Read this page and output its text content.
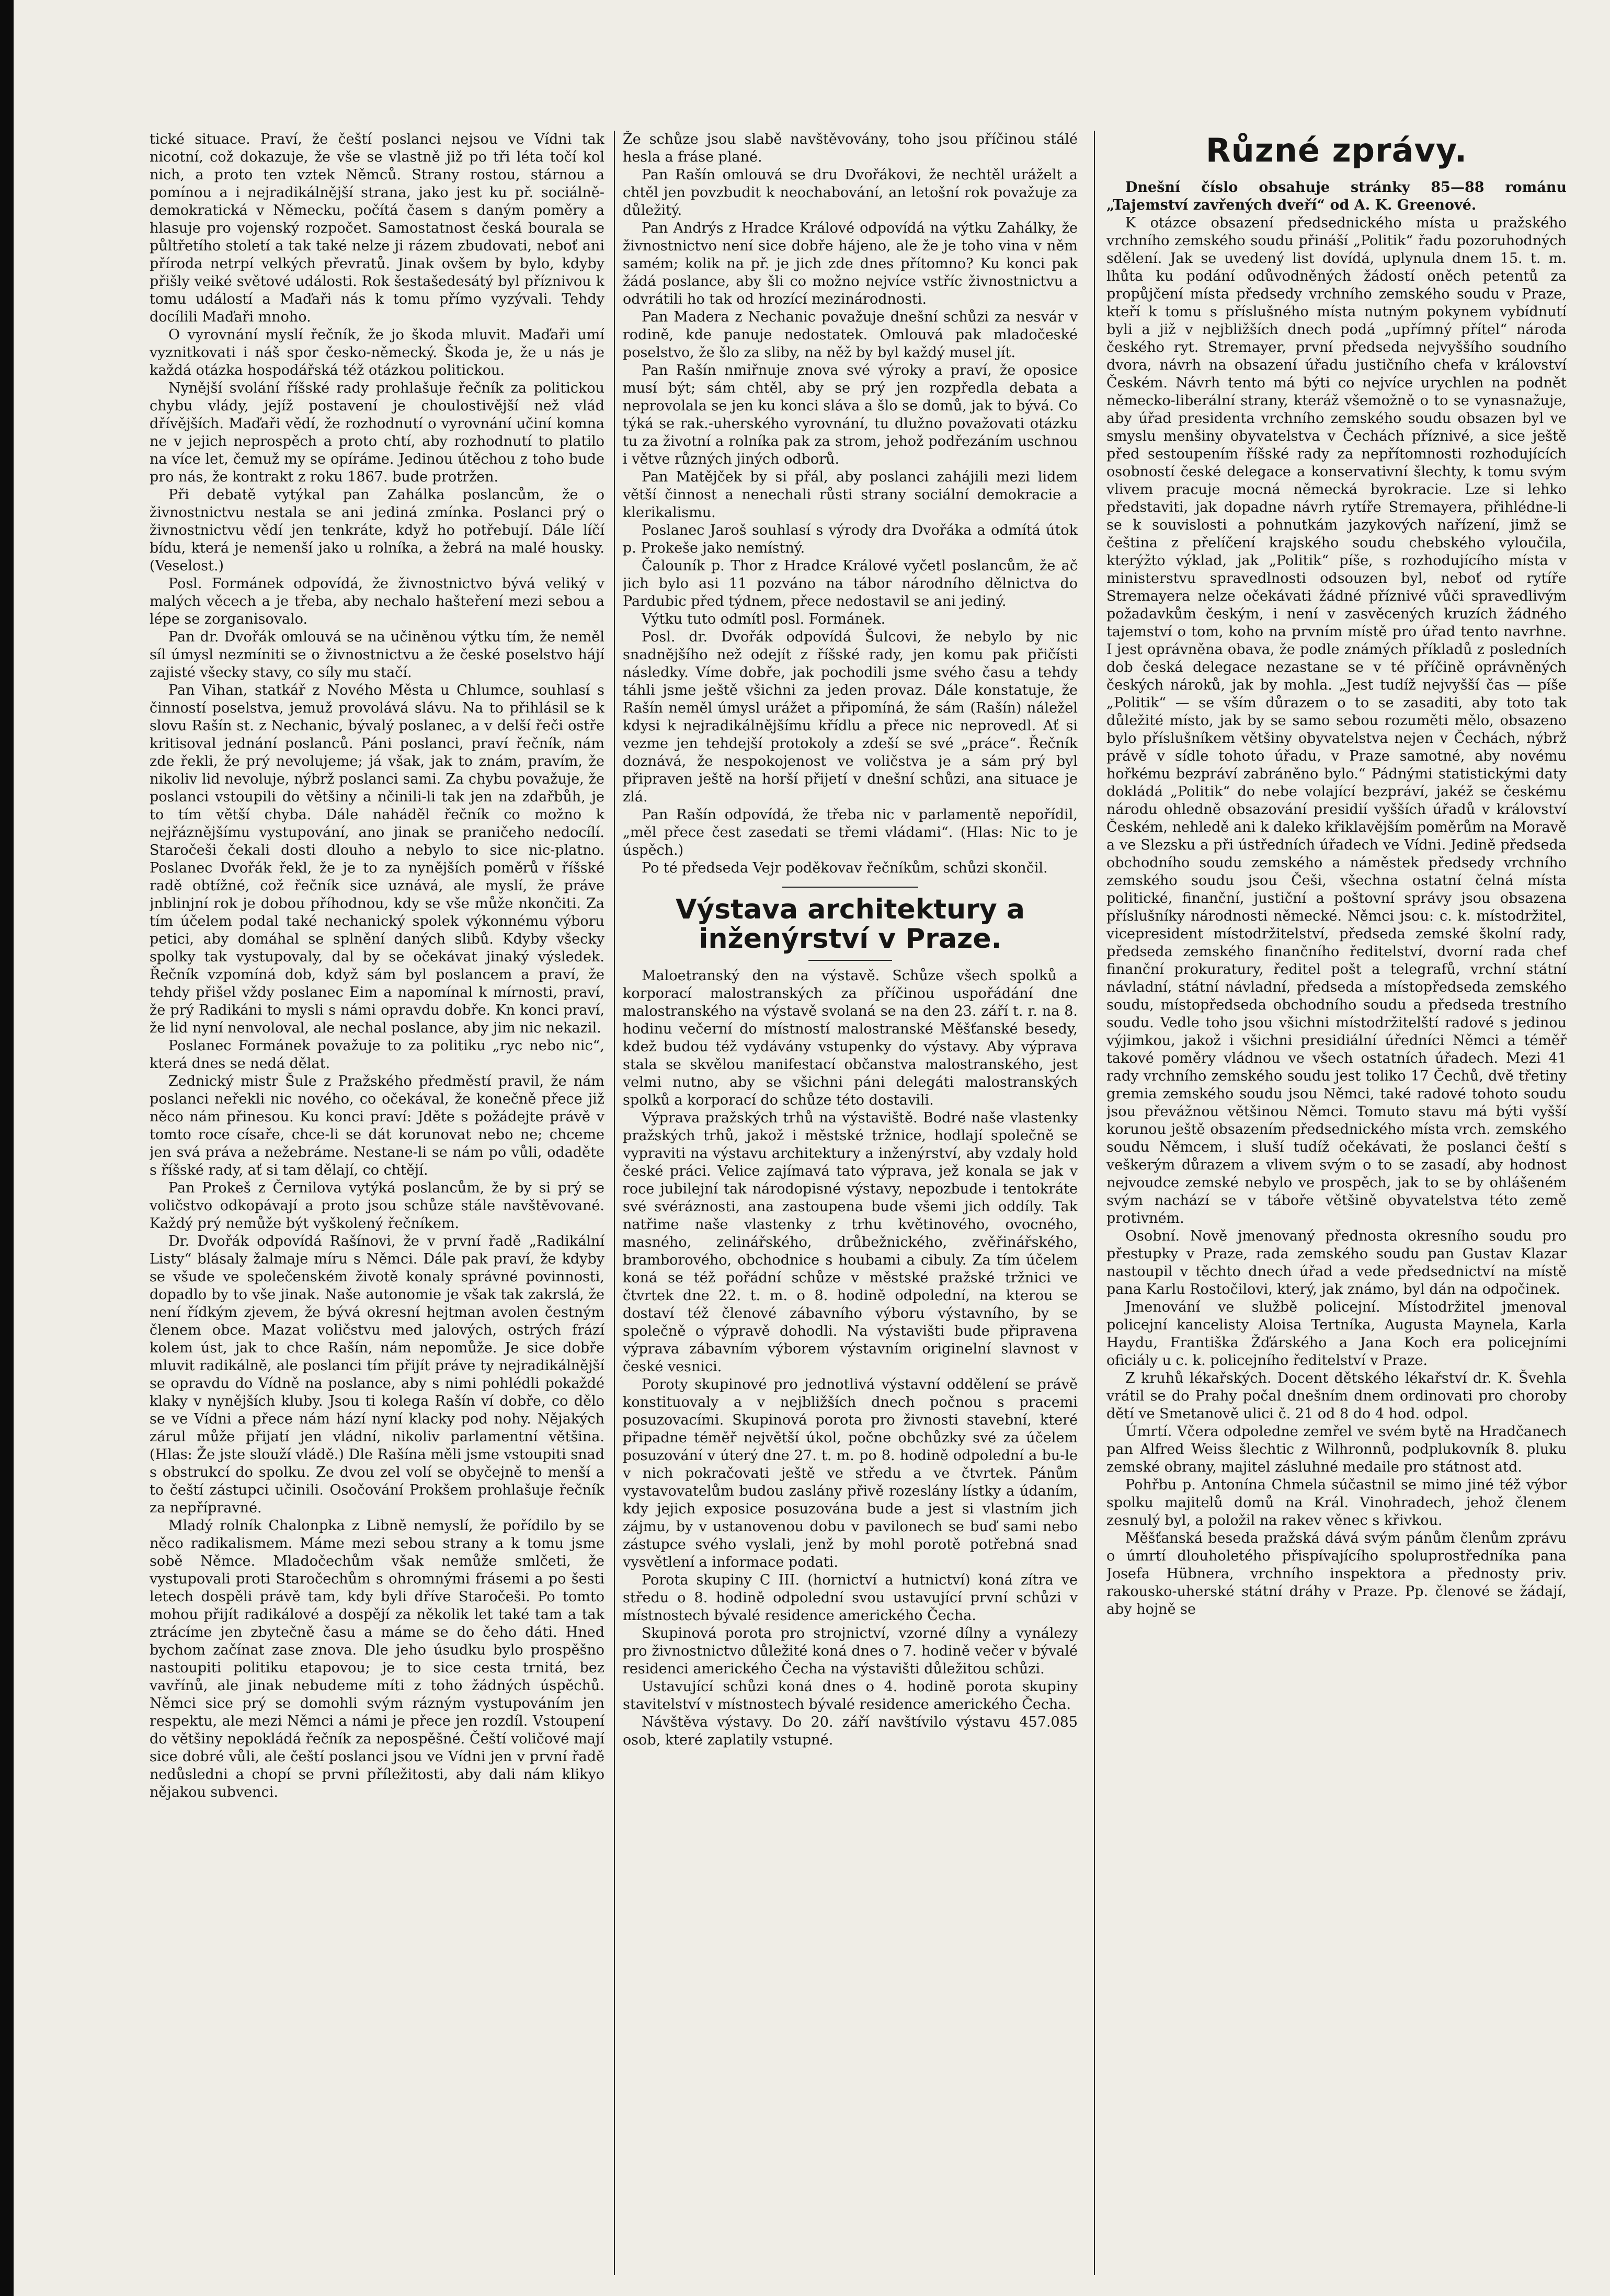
tické situace. Praví, že čeští poslanci nejsou ve Vídni tak nicotní, což dokazuje, že vše se vlastně již po tři léta točí kol nich, a proto ten vztek Němců. Strany rostou, stárnou a pomínou a i nejradikálnější strana, jako jest ku př. sociálně-demokratická v Německu, počítá časem s daným poměry a hlasuje pro vojenský rozpočet. Samostatnost česká bourala se půltřetího století a tak také nelze ji rázem zbudovati, neboť ani příroda netrpí velkých převratů. Jinak ovšem by bylo, kdyby přišly veiké světové události. Rok šestašedesátý byl příznivou k tomu událostí a Maďaři nás k tomu přímo vyzývali. Tehdy docílili Maďaři mnoho.

O vyrovnání myslí řečník, že jo škoda mluvit. Maďaři umí vyznitkovati i náš spor česko-německý. Škoda je, že u nás je každá otázka hospodářská též otázkou politickou.

Nynější svolání říšské rady prohlašuje řečník za politickou chybu vlády, jejíž postavení je choulostivější než vlád dřívějších. Maďaři vědí, že rozhodnutí o vyrovnání učiní komna ne v jejich neprospěch a proto chtí, aby rozhodnutí to platilo na více let, čemuž my se opíráme. Jedinou útěchou z toho bude pro nás, že kontrakt z roku 1867. bude protržen.

Při debatě vytýkal pan Zahálka poslancům, že o živnostnictvu nestala se ani jediná zmínka. Poslanci prý o živnostnictvu vědí jen tenkráte, když ho potřebují. Dále líčí bídu, která je nemenší jako u rolníka, a žebrá na malé housky. (Veselost.)

Posl. Formánek odpovídá, že živnostnictvo bývá veliký v malých věcech a je třeba, aby nechalo hašteření mezi sebou a lépe se zorganisovalo.

Pan dr. Dvořák omlouvá se na učiněnou výtku tím, že neměl síl úmysl nezmíniti se o živnostnictvu a že české poselstvo hájí zajisté všecky stavy, co síly mu stačí.

Pan Vihan, statkář z Nového Města u Chlumce, souhlasí s činností poselstva, jemuž provolává slávu. Na to přihlásil se k slovu Rašín st. z Nechanic, bývalý poslanec, a v delší řeči ostře kritisoval jednání poslanců. Páni poslanci, praví řečník, nám zde řekli, že prý nevolujeme; já však, jak to znám, pravím, že nikoliv lid nevoluje, nýbrž poslanci sami. Za chybu považuje, že poslanci vstoupili do většiny a nčinili-li tak jen na zdařbůh, je to tím větší chyba. Dále naháděl řečník co možno k nejřáznějšímu vystupování, ano jinak se praničeho nedocílí. Staročeši čekali dosti dlouho a nebylo to sice nic-platno. Poslanec Dvořák řekl, že je to za nynějších poměrů v říšské radě obtížné, což řečník sice uznává, ale myslí, že práve jnblinjní rok je dobou příhodnou, kdy se vše může nkončiti. Za tím účelem podal také nechanický spolek výkonnému výboru petici, aby domáhal se splnění daných slibů. Kdyby všecky spolky tak vystupovaly, dal by se očekávat jinaký výsledek. Řečník vzpomíná dob, když sám byl poslancem a praví, že tehdy přišel vždy poslanec Eim a napomínal k mírnosti, praví, že prý Radikáni to mysli s námi opravdu dobře. Kn konci praví, že lid nyní nenvoloval, ale nechal poslance, aby jim nic nekazil.

Poslanec Formánek považuje to za politiku „ryc nebo nic“, která dnes se nedá dělat.

Zednický mistr Šule z Pražského předměstí pravil, že nám poslanci neřekli nic nového, co očekával, že konečně přece již něco nám přinesou. Ku konci praví: Jděte s požádejte právě v tomto roce císaře, chce-li se dát korunovat nebo ne; chceme jen svá práva a nežebráme. Nestane-li se nám po vůli, odaděte s říšské rady, ať si tam dělají, co chtějí.

Pan Prokeš z Černilova vytýká poslancům, že by si prý se voličstvo odkopávají a proto jsou schůze stále navštěvované. Každý prý nemůže být vyškolený řečníkem.

Dr. Dvořák odpovídá Rašínovi, že v první řadě „Radikální Listy“ blásaly žalmaje míru s Němci. Dále pak praví, že kdyby se všude ve společenském životě konaly správné povinnosti, dopadlo by to vše jinak. Naše autonomie je však tak zakrslá, že není řídkým zjevem, že bývá okresní hejtman avolen čestným členem obce. Mazat voličstvu med jalových, ostrých frází kolem úst, jak to chce Rašín, nám nepomůže. Je sice dobře mluvit radikálně, ale poslanci tím přijít práve ty nejradikálnější se opravdu do Vídně na poslance, aby s nimi pohlédli pokaždé klaky v nynějších kluby. Jsou ti kolega Rašín ví dobře, co dělo se ve Vídni a přece nám hází nyní klacky pod nohy. Nějakých zárul může přijatí jen vládní, nikoliv parlamentní většina. (Hlas: Že jste slouží vládě.) Dle Rašína měli jsme vstoupiti snad s obstrukcí do spolku. Ze dvou zel volí se obyčejně to menší a to čeští zástupci učinili. Osočování Prokšem prohlašuje řečník za nepřípravné.

Mladý rolník Chalonpka z Libně nemyslí, že pořídilo by se něco radikalismem. Máme mezi sebou strany a k tomu jsme sobě Němce. Mladočechům však nemůže smlčeti, že vystupovali proti Staročechům s ohromnými frásemi a po šesti letech dospěli právě tam, kdy byli dříve Staročeši. Po tomto mohou přijít radikálové a dospějí za několik let také tam a tak ztrácíme jen zbytečně času a máme se do čeho dáti. Hned bychom začínat zase znova. Dle jeho úsudku bylo prospěšno nastoupiti politiku etapovou; je to sice cesta trnitá, bez vavřínů, ale jinak nebudeme míti z toho žádných úspěchů. Němci sice prý se domohli svým rázným vystupováním jen respektu, ale mezi Němci a námi je přece jen rozdíl. Vstoupení do většiny nepokládá řečník za nepospěšné. Čeští voličové mají sice dobré vůli, ale čeští poslanci jsou ve Vídni jen v první řadě nedůsledni a chopí se prvni příležitosti, aby dali nám klikyo nějakou subvenci.

Že schůze jsou slabě navštěvovány, toho jsou příčinou stálé hesla a fráse plané.

Pan Rašín omlouvá se dru Dvořákovi, že nechtěl uráželt a chtěl jen povzbudit k neochabování, an letošní rok považuje za důležitý.

Pan Andrýs z Hradce Králové odpovídá na výtku Zahálky, že živnostnictvo není sice dobře hájeno, ale že je toho vina v něm samém; kolik na př. je jich zde dnes přítomno? Ku konci pak žádá poslance, aby šli co možno nejvíce vstříc živnostnictvu a odvrátili ho tak od hrozící mezinárodnosti.

Pan Madera z Nechanic považuje dnešní schůzi za nesvár v rodině, kde panuje nedostatek. Omlouvá pak mladočeské poselstvo, že šlo za sliby, na něž by byl každý musel jít.

Pan Rašín nmiřnuje znova své výroky a praví, že oposice musí být; sám chtěl, aby se prý jen rozpředla debata a neprovolala se jen ku konci sláva a šlo se domů, jak to bývá. Co týká se rak.-uherského vyrovnání, tu dlužno považovati otázku tu za životní a rolníka pak za strom, jehož podřezáním uschnou i větve různých jiných odborů.

Pan Matějček by si přál, aby poslanci zahájili mezi lidem větší činnost a nenechali růsti strany sociální demokracie a klerikalismu.

Poslanec Jaroš souhlasí s výrody dra Dvořáka a odmítá útok p. Prokeše jako nemístný.

Čalouník p. Thor z Hradce Králové vyčetl poslancům, že ač jich bylo asi 11 pozváno na tábor národního dělnictva do Pardubic před týdnem, přece nedostavil se ani jediný.

Výtku tuto odmítl posl. Formánek.

Posl. dr. Dvořák odpovídá Šulcovi, že nebylo by nic snadnějšího než odejít z říšské rady, jen komu pak přičísti následky. Víme dobře, jak pochodili jsme svého času a tehdy táhli jsme ještě všichni za jeden provaz. Dále konstatuje, že Rašín neměl úmysl urážet a připomíná, že sám (Rašín) náležel kdysi k nejradikálnějšímu křídlu a přece nic neprovedl. Ať si vezme jen tehdejší protokoly a zdeší se své „práce“. Řečník doznává, že nespokojenost ve voličstva je a sám prý byl připraven ještě na horší přijetí v dnešní schůzi, ana situace je zlá.

Pan Rašín odpovídá, že třeba nic v parlamentě nepořídil, „měl přece čest zasedati se třemi vládami“. (Hlas: Nic to je úspěch.)

Po té předseda Vejr poděkovav řečníkům, schůzi skončil.

Výstava architektury a inženýrství v Praze.

Maloetranský den na výstavě. Schůze všech spolků a korporací malostranských za příčinou uspořádání dne malostranského na výstavě svolaná se na den 23. září t. r. na 8. hodinu večerní do místností malostranské Měšťanské besedy, kdež budou též vydávány vstupenky do výstavy. Aby výprava stala se skvělou manifestací občanstva malostranského, jest velmi nutno, aby se všichni páni delegáti malostranských spolků a korporací do schůze této dostavili.

Výprava pražských trhů na výstaviště. Bodré naše vlastenky pražských trhů, jakož i městské tržnice, hodlají společně se vypraviti na výstavu architektury a inženýrství, aby vzdaly hold české práci. Velice zajímavá tato výprava, jež konala se jak v roce jubilejní tak národopisné výstavy, nepozbude i tentokráte své svéráznosti, ana zastoupena bude všemi jich oddíly. Tak natřime naše vlastenky z trhu květinového, ovocného, masného, zelinářského, drůbežnického, zvěřinářského, bramborového, obchodnice s houbami a cibuly. Za tím účelem koná se též pořádní schůze v městské pražské tržnici ve čtvrtek dne 22. t. m. o 8. hodině odpolední, na kterou se dostaví též členové zábavního výboru výstavního, by se společně o výpravě dohodli. Na výstavišti bude připravena výprava zábavním výborem výstavním originelní slavnost v české vesnici.

Poroty skupinové pro jednotlivá výstavní oddělení se právě konstituovaly a v nejbližších dnech počnou s pracemi posuzovacími. Skupinová porota pro živnosti stavební, které připadne téměř největší úkol, počne obchůzky své za účelem posuzování v úterý dne 27. t. m. po 8. hodině odpolední a bu-le v nich pokračovati ještě ve středu a ve čtvrtek. Pánům vystavovatelům budou zaslány přivě rozeslány lístky a údaním, kdy jejich exposice posuzována bude a jest si vlastním jich zájmu, by v ustanovenou dobu v pavilonech se buď sami nebo zástupce svého vyslali, jenž by mohl porotě potřebná snad vysvětlení a informace podati.

Porota skupiny C III. (hornictví a hutnictví) koná zítra ve středu o 8. hodině odpolední svou ustavující první schůzi v místnostech bývalé residence amerického Čecha.

Skupinová porota pro strojnictví, vzorné dílny a vynálezy pro živnostnictvo důležité koná dnes o 7. hodině večer v bývalé residenci amerického Čecha na výstavišti důležitou schůzi.

Ustavující schůzi koná dnes o 4. hodině porota skupiny stavitelství v místnostech bývalé residence amerického Čecha.

Návštěva výstavy. Do 20. září navštívilo výstavu 457.085 osob, které zaplatily vstupné.

Různé zprávy.

Dnešní číslo obsahuje stránky 85—88 románu „Tajemství zavřených dveří“ od A. K. Greenové.

K otázce obsazení předsednického místa u pražského vrchního zemského soudu přináší „Politik“ řadu pozoruhodných sdělení. Jak se uvedený list dovídá, uplynula dnem 15. t. m. lhůta ku podání odůvodněných žádostí oněch petentů za propůjčení místa předsedy vrchního zemského soudu v Praze, kteří k tomu s příslušného místa nutným pokynem vybídnutí byli a již v nejbližších dnech podá „upřímný přítel“ národa českého ryt. Stremayer, první předseda nejvyššího soudního dvora, návrh na obsazení úřadu justičního chefa v království Českém. Návrh tento má býti co nejvíce urychlen na podnět německo-liberální strany, kteráž všemožně o to se vynasnažuje, aby úřad presidenta vrchního zemského soudu obsazen byl ve smyslu menšiny obyvatelstva v Čechách příznivé, a sice ještě před sestoupením říšské rady za nepřítomnosti rozhodujících osobností české delegace a konservativní šlechty, k tomu svým vlivem pracuje mocná německá byrokracie. Lze si lehko představiti, jak dopadne návrh rytíře Stremayera, přihlédne-li se k souvislosti a pohnutkám jazykových nařízení, jimž se čeština z přelíčení krajského soudu chebského vyloučila, kterýžto výklad, jak „Politik“ píše, s rozhodujícího místa v ministerstvu spravedlnosti odsouzen byl, neboť od rytíře Stremayera nelze očekávati žádné příznivé vůči spravedlivým požadavkům českým, i není v zasvěcených kruzích žádného tajemství o tom, koho na prvním místě pro úřad tento navrhne. I jest oprávněna obava, že podle známých příkladů z posledních dob česká delegace nezastane se v té příčině oprávněných českých nároků, jak by mohla. „Jest tudíž nejvyšší čas — píše „Politik“ — se vším důrazem o to se zasaditi, aby toto tak důležité místo, jak by se samo sebou rozuměti mělo, obsazeno bylo příslušníkem většiny obyvatelstva nejen v Čechách, nýbrž právě v sídle tohoto úřadu, v Praze samotné, aby novému hořkému bezpráví zabráněno bylo.“ Pádnými statistickými daty dokládá „Politik“ do nebe volající bezpráví, jakéž se českému národu ohledně obsazování presidií vyšších úřadů v království Českém, nehledě ani k daleko křiklavějším poměrům na Moravě a ve Slezsku a při ústředních úřadech ve Vídni. Jedině předseda obchodního soudu zemského a náměstek předsedy vrchního zemského soudu jsou Češi, všechna ostatní čelná místa politické, finanční, justiční a poštovní správy jsou obsazena příslušníky národnosti německé. Němci jsou: c. k. místodržitel, vicepresident místodržitelství, předseda zemské školní rady, předseda zemského finančního ředitelství, dvorní rada chef finanční prokuratury, ředitel pošt a telegrafů, vrchní státní návladní, státní návladní, předseda a místopředseda zemského soudu, místopředseda obchodního soudu a předseda trestního soudu. Vedle toho jsou všichni místodržitelští radové s jedinou výjimkou, jakož i všichni presidiální úředníci Němci a téměř takové poměry vládnou ve všech ostatních úřadech. Mezi 41 rady vrchního zemského soudu jest toliko 17 Čechů, dvě třetiny gremia zemského soudu jsou Němci, také radové tohoto soudu jsou převážnou většinou Němci. Tomuto stavu má býti vyšší korunou ještě obsazením předsednického místa vrch. zemského soudu Němcem, i sluší tudíž očekávati, že poslanci čeští s veškerým důrazem a vlivem svým o to se zasadí, aby hodnost nejvoudce zemské nebylo ve prospěch, jak to se by ohlášeném svým nachází se v táboře většině obyvatelstva této země protivném.

Osobní. Nově jmenovaný přednosta okresního soudu pro přestupky v Praze, rada zemského soudu pan Gustav Klazar nastoupil v těchto dnech úřad a vede předsednictví na místě pana Karlu Rostočilovi, který, jak známo, byl dán na odpočinek.

Jmenování ve službě policejní. Místodržitel jmenoval policejní kancelisty Aloisa Tertníka, Augusta Maynela, Karla Haydu, Františka Žďárského a Jana Koch era policejními oficiály u c. k. policejního ředitelství v Praze.

Z kruhů lékařských. Docent dětského lékařství dr. K. Švehla vrátil se do Prahy počal dnešním dnem ordinovati pro choroby dětí ve Smetanově ulici č. 21 od 8 do 4 hod. odpol.

Úmrtí. Včera odpoledne zemřel ve svém bytě na Hradčanech pan Alfred Weiss šlechtic z Wilhronnů, podplukovník 8. pluku zemské obrany, majitel zásluhné medaile pro státnost atd.

Pohřbu p. Antonína Chmela súčastnil se mimo jiné též výbor spolku majitelů domů na Král. Vinohradech, jehož členem zesnulý byl, a položil na rakev věnec s křivkou.

Měšťanská beseda pražská dává svým pánům členům zprávu o úmrtí dlouholetého přispívajícího spoluprostředníka pana Josefa Hübnera, vrchního inspektora a přednosty priv. rakousko-uherské státní dráhy v Praze. Pp. členové se žádají, aby hojně se
